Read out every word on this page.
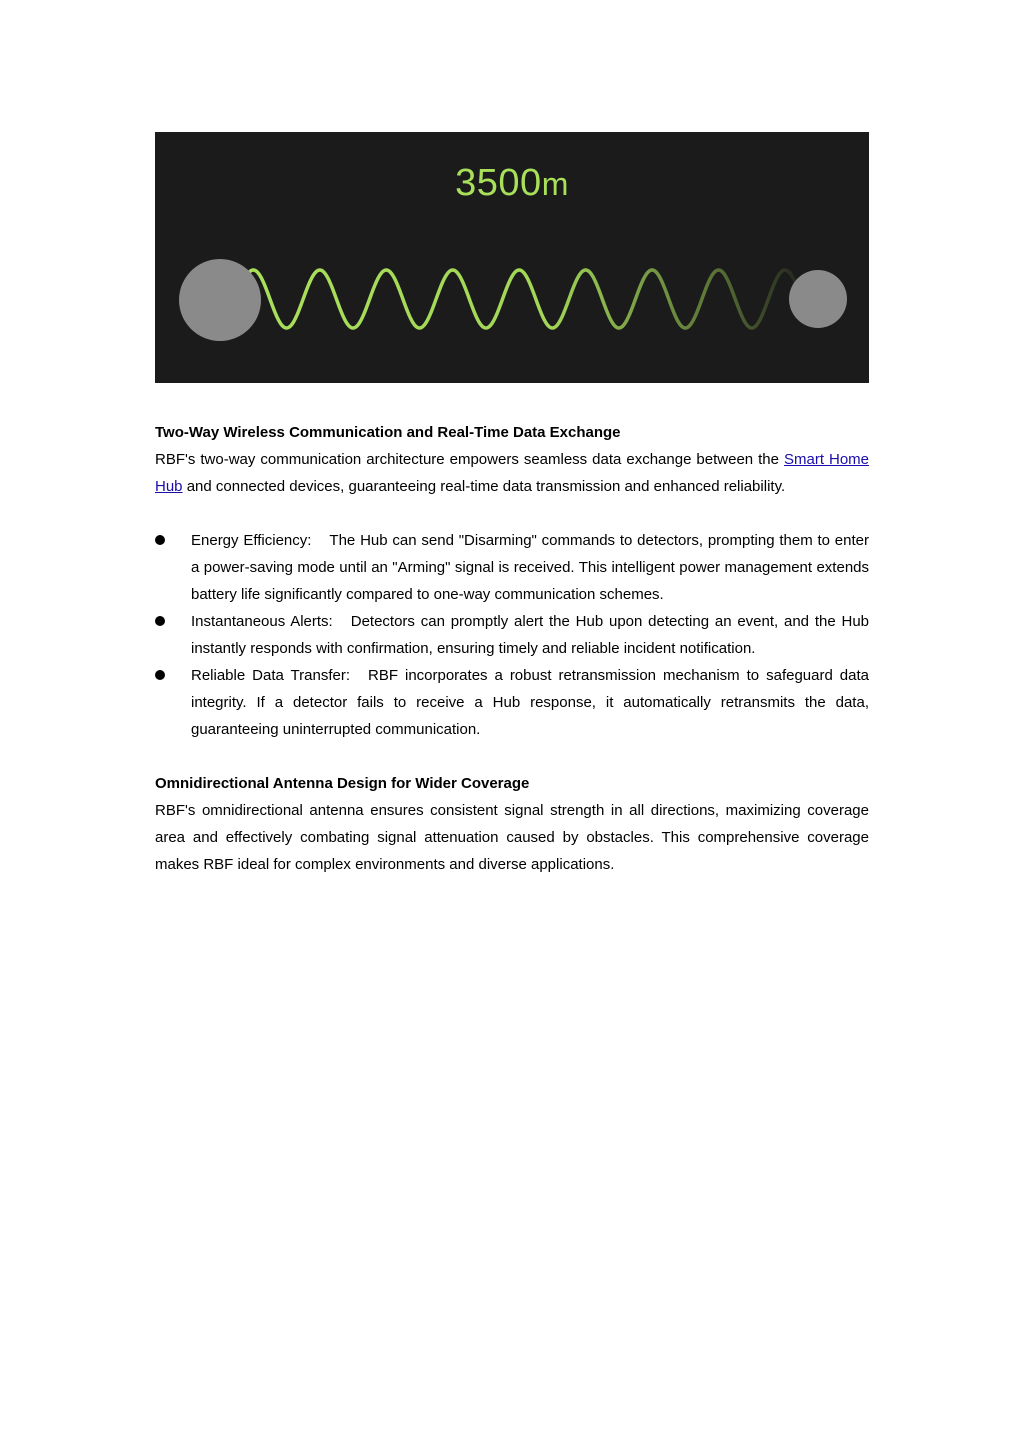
3500m
Two-Way Wireless Communication and Real-Time Data Exchange

RBF's two-way communication architecture empowers seamless data exchange between the Smart Home Hub and connected devices, guaranteeing real-time data transmission and enhanced reliability.

Energy Efficiency: The Hub can send "Disarming" commands to detectors, prompting them to enter a power-saving mode until an "Arming" signal is received. This intelligent power management extends battery life significantly compared to one-way communication schemes.
Instantaneous Alerts: Detectors can promptly alert the Hub upon detecting an event, and the Hub instantly responds with confirmation, ensuring timely and reliable incident notification.
Reliable Data Transfer: RBF incorporates a robust retransmission mechanism to safeguard data integrity. If a detector fails to receive a Hub response, it automatically retransmits the data, guaranteeing uninterrupted communication.
Omnidirectional Antenna Design for Wider Coverage

RBF's omnidirectional antenna ensures consistent signal strength in all directions, maximizing coverage area and effectively combating signal attenuation caused by obstacles. This comprehensive coverage makes RBF ideal for complex environments and diverse applications.
